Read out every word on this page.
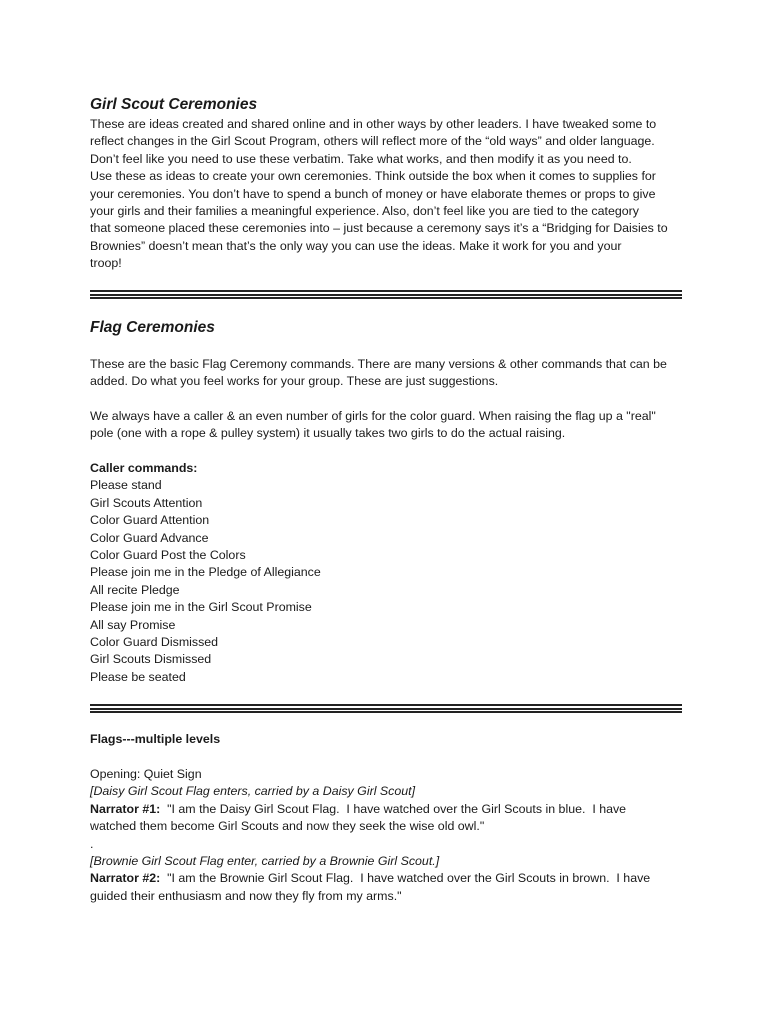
Girl Scout Ceremonies
These are ideas created and shared online and in other ways by other leaders. I have tweaked some to
reflect changes in the Girl Scout Program, others will reflect more of the “old ways” and older language.
Don’t feel like you need to use these verbatim. Take what works, and then modify it as you need to.
Use these as ideas to create your own ceremonies. Think outside the box when it comes to supplies for
your ceremonies. You don’t have to spend a bunch of money or have elaborate themes or props to give
your girls and their families a meaningful experience. Also, don’t feel like you are tied to the category
that someone placed these ceremonies into – just because a ceremony says it’s a “Bridging for Daisies to
Brownies” doesn’t mean that’s the only way you can use the ideas. Make it work for you and your
troop!
Flag Ceremonies
These are the basic Flag Ceremony commands. There are many versions & other commands that can be
added. Do what you feel works for your group. These are just suggestions.
We always have a caller & an even number of girls for the color guard. When raising the flag up a "real"
pole (one with a rope & pulley system) it usually takes two girls to do the actual raising.
Caller commands:
Please stand
Girl Scouts Attention
Color Guard Attention
Color Guard Advance
Color Guard Post the Colors
Please join me in the Pledge of Allegiance
All recite Pledge
Please join me in the Girl Scout Promise
All say Promise
Color Guard Dismissed
Girl Scouts Dismissed
Please be seated
Flags---multiple levels
Opening: Quiet Sign
[Daisy Girl Scout Flag enters, carried by a Daisy Girl Scout]
Narrator #1:  "I am the Daisy Girl Scout Flag.  I have watched over the Girl Scouts in blue.  I have
watched them become Girl Scouts and now they seek the wise old owl."
.
[Brownie Girl Scout Flag enter, carried by a Brownie Girl Scout.]
Narrator #2:  "I am the Brownie Girl Scout Flag.  I have watched over the Girl Scouts in brown.  I have
guided their enthusiasm and now they fly from my arms."
